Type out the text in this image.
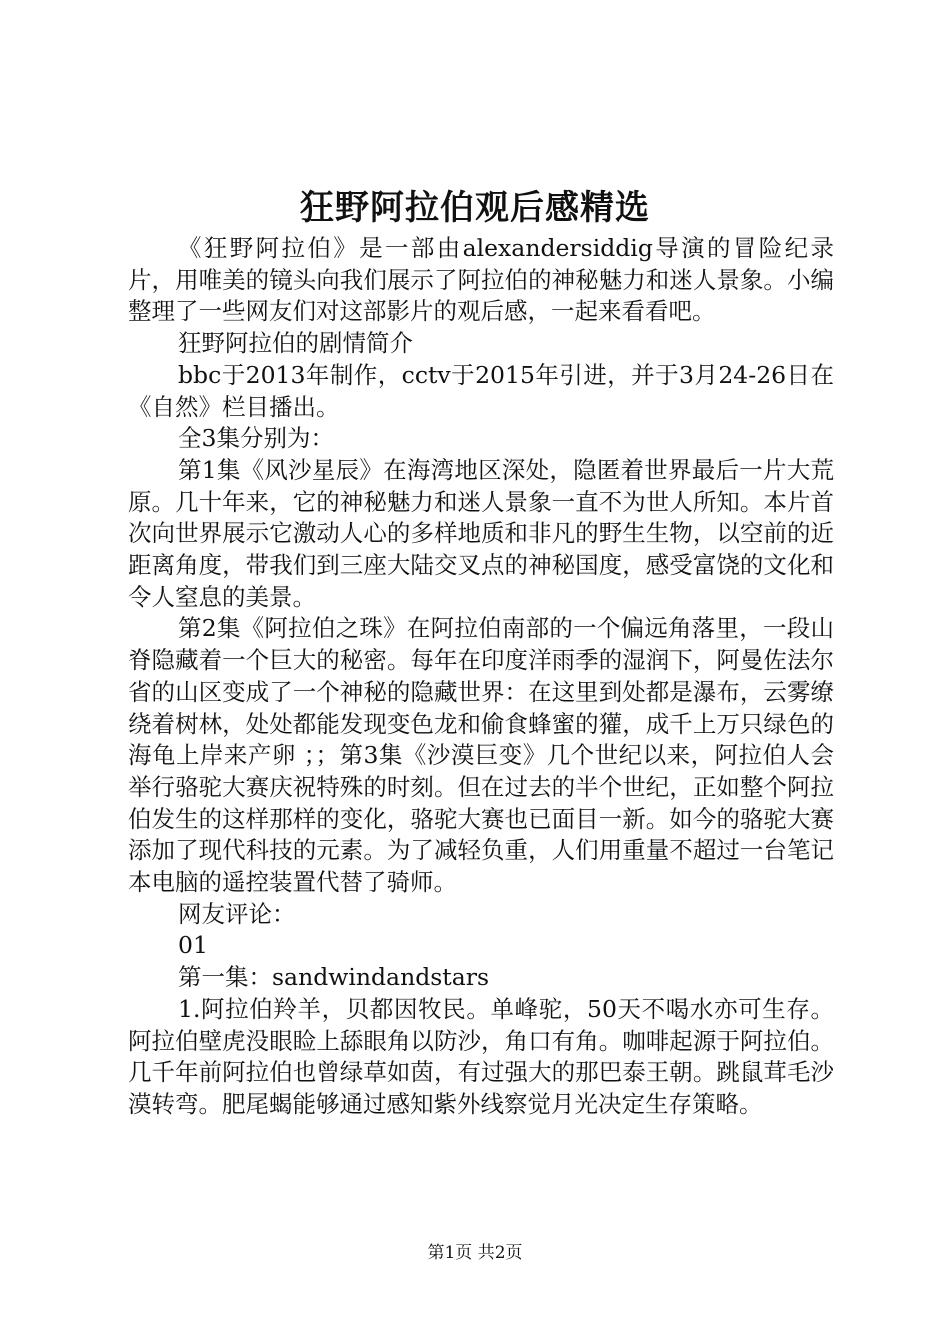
狂野阿拉伯观后感精选

《狂野阿拉伯》是一部由alexandersiddig导演的冒险纪录片，用唯美的镜头向我们展示了阿拉伯的神秘魅力和迷人景象。小编整理了一些网友们对这部影片的观后感，一起来看看吧。

狂野阿拉伯的剧情简介

bbc于2013年制作，cctv于2015年引进，并于3月24-26日在《自然》栏目播出。

全3集分别为：

第1集《风沙星辰》在海湾地区深处，隐匿着世界最后一片大荒原。几十年来，它的神秘魅力和迷人景象一直不为世人所知。本片首次向世界展示它激动人心的多样地质和非凡的野生生物，以空前的近距离角度，带我们到三座大陆交叉点的神秘国度，感受富饶的文化和令人窒息的美景。

第2集《阿拉伯之珠》在阿拉伯南部的一个偏远角落里，一段山脊隐藏着一个巨大的秘密。每年在印度洋雨季的湿润下，阿曼佐法尔省的山区变成了一个神秘的隐藏世界：在这里到处都是瀑布，云雾缭绕着树林，处处都能发现变色龙和偷食蜂蜜的獾，成千上万只绿色的海龟上岸来产卵 ；；第3集《沙漠巨变》几个世纪以来，阿拉伯人会举行骆驼大赛庆祝特殊的时刻。但在过去的半个世纪，正如整个阿拉伯发生的这样那样的变化，骆驼大赛也已面目一新。如今的骆驼大赛添加了现代科技的元素。为了减轻负重，人们用重量不超过一台笔记本电脑的遥控装置代替了骑师。

网友评论：

01

第一集：sandwindandstars

1.阿拉伯羚羊，贝都因牧民。单峰驼，50天不喝水亦可生存。阿拉伯壁虎没眼睑上舔眼角以防沙，角口有角。咖啡起源于阿拉伯。几千年前阿拉伯也曾绿草如茵，有过强大的那巴泰王朝。跳鼠茸毛沙漠转弯。肥尾蝎能够通过感知紫外线察觉月光决定生存策略。

第1页 共2页
